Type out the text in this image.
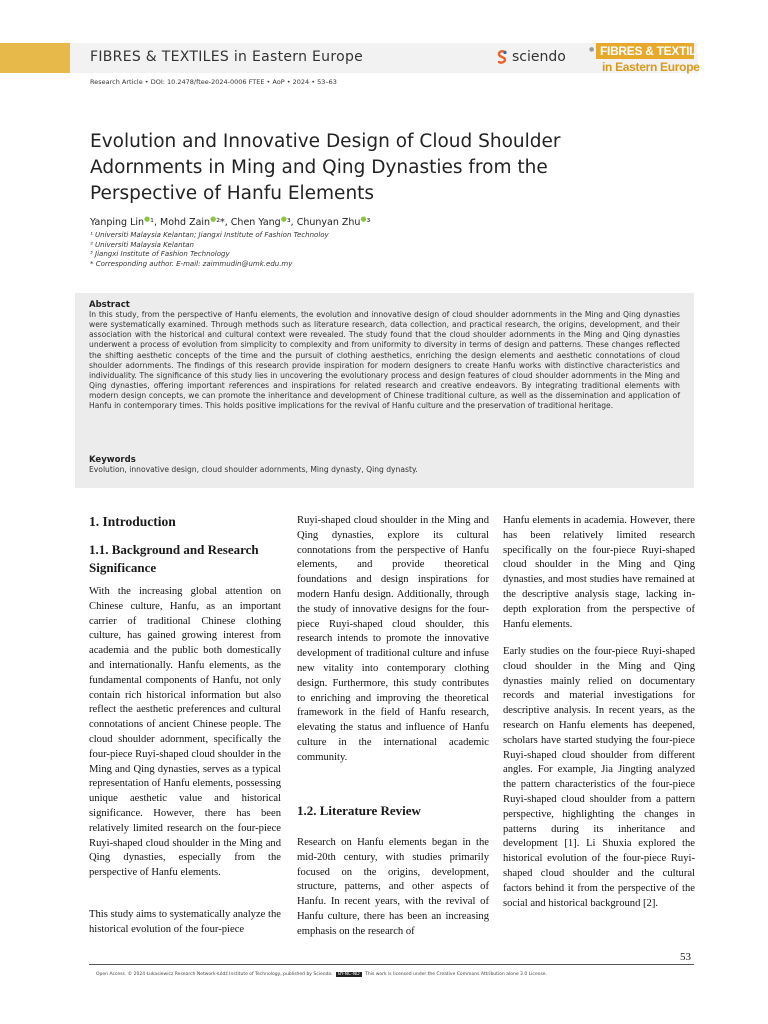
FIBRES & TEXTILES in Eastern Europe	sciendo	● FIBRES & TEXTILES
in Eastern Europe
Research Article • DOI: 10.2478/ftee-2024-0006 FTEE • AoP • 2024 • 53–63
Evolution and Innovative Design of Cloud Shoulder Adornments in Ming and Qing Dynasties from the Perspective of Hanfu Elements
Yanping Lin●¹, Mohd Zain●²*, Chen Yang●³, Chunyan Zhu●³
¹ Universiti Malaysia Kelantan; Jiangxi Institute of Fashion Technoloy
² Universiti Malaysia Kelantan
³ Jiangxi Institute of Fashion Technology
* Corresponding author. E-mail: zaimmudin@umk.edu.my
Abstract
In this study, from the perspective of Hanfu elements, the evolution and innovative design of cloud shoulder adornments in the Ming and Qing dynasties were systematically examined. Through methods such as literature research, data collection, and practical research, the origins, development, and their association with the historical and cultural context were revealed. The study found that the cloud shoulder adornments in the Ming and Qing dynasties underwent a process of evolution from simplicity to complexity and from uniformity to diversity in terms of design and patterns. These changes reflected the shifting aesthetic concepts of the time and the pursuit of clothing aesthetics, enriching the design elements and aesthetic connotations of cloud shoulder adornments. The findings of this research provide inspiration for modern designers to create Hanfu works with distinctive characteristics and individuality. The significance of this study lies in uncovering the evolutionary process and design features of cloud shoulder adornments in the Ming and Qing dynasties, offering important references and inspirations for related research and creative endeavors. By integrating traditional elements with modern design concepts, we can promote the inheritance and development of Chinese traditional culture, as well as the dissemination and application of Hanfu in contemporary times. This holds positive implications for the revival of Hanfu culture and the preservation of traditional heritage.
Keywords
Evolution, innovative design, cloud shoulder adornments, Ming dynasty, Qing dynasty.
1. Introduction
1.1. Background and Research Significance

With the increasing global attention on Chinese culture, Hanfu, as an important carrier of traditional Chinese clothing culture, has gained growing interest from academia and the public both domestically and internationally. Hanfu elements, as the fundamental components of Hanfu, not only contain rich historical information but also reflect the aesthetic preferences and cultural connotations of ancient Chinese people. The cloud shoulder adornment, specifically the four-piece Ruyi-shaped cloud shoulder in the Ming and Qing dynasties, serves as a typical representation of Hanfu elements, possessing unique aesthetic value and historical significance. However, there has been relatively limited research on the four-piece Ruyi-shaped cloud shoulder in the Ming and Qing dynasties, especially from the perspective of Hanfu elements.

This study aims to systematically analyze the historical evolution of the four-piece

Ruyi-shaped cloud shoulder in the Ming and Qing dynasties, explore its cultural connotations from the perspective of Hanfu elements, and provide theoretical foundations and design inspirations for modern Hanfu design. Additionally, through the study of innovative designs for the four-piece Ruyi-shaped cloud shoulder, this research intends to promote the innovative development of traditional culture and infuse new vitality into contemporary clothing design. Furthermore, this study contributes to enriching and improving the theoretical framework in the field of Hanfu research, elevating the status and influence of Hanfu culture in the international academic community.

1.2. Literature Review

Research on Hanfu elements began in the mid-20th century, with studies primarily focused on the origins, development, structure, patterns, and other aspects of Hanfu. In recent years, with the revival of Hanfu culture, there has been an increasing emphasis on the research of

Hanfu elements in academia. However, there has been relatively limited research specifically on the four-piece Ruyi-shaped cloud shoulder in the Ming and Qing dynasties, and most studies have remained at the descriptive analysis stage, lacking in-depth exploration from the perspective of Hanfu elements.

Early studies on the four-piece Ruyi-shaped cloud shoulder in the Ming and Qing dynasties mainly relied on documentary records and material investigations for descriptive analysis. In recent years, as the research on Hanfu elements has deepened, scholars have started studying the four-piece Ruyi-shaped cloud shoulder from different angles. For example, Jia Jingting analyzed the pattern characteristics of the four-piece Ruyi-shaped cloud shoulder from a pattern perspective, highlighting the changes in patterns during its inheritance and development [1]. Li Shuxia explored the historical evolution of the four-piece Ruyi-shaped cloud shoulder and the cultural factors behind it from the perspective of the social and historical background [2].

53
Open Access. © 2024 Łukasiewicz Research Network-Łódź Institute of Technology, published by Sciendo. BY-NC-ND This work is licensed under the Creative Commons Attribution alone 3.0 License.
